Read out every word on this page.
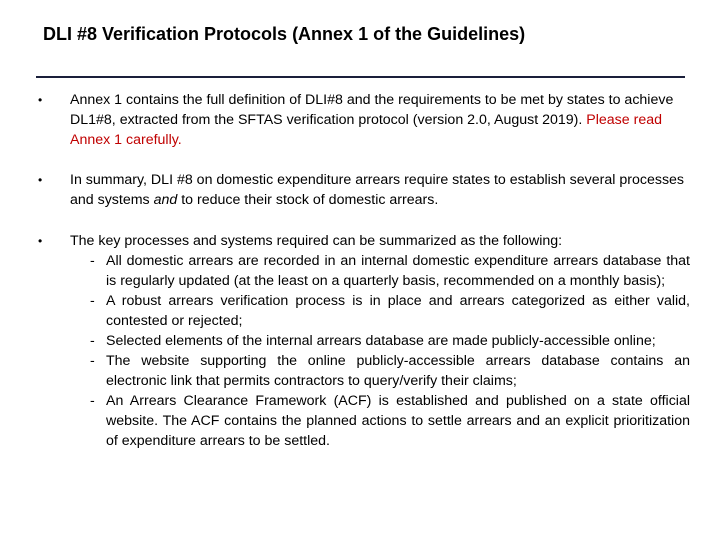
DLI #8 Verification Protocols (Annex 1 of the Guidelines)
• Annex 1 contains the full definition of DLI#8 and the requirements to be met by states to achieve DL1#8, extracted from the SFTAS verification protocol (version 2.0, August 2019). Please read Annex 1 carefully.
• In summary, DLI #8 on domestic expenditure arrears require states to establish several processes and systems and to reduce their stock of domestic arrears.
• The key processes and systems required can be summarized as the following:
- All domestic arrears are recorded in an internal domestic expenditure arrears database that is regularly updated (at the least on a quarterly basis, recommended on a monthly basis);
- A robust arrears verification process is in place and arrears categorized as either valid, contested or rejected;
- Selected elements of the internal arrears database are made publicly-accessible online;
- The website supporting the online publicly-accessible arrears database contains an electronic link that permits contractors to query/verify their claims;
- An Arrears Clearance Framework (ACF) is established and published on a state official website. The ACF contains the planned actions to settle arrears and an explicit prioritization of expenditure arrears to be settled.
